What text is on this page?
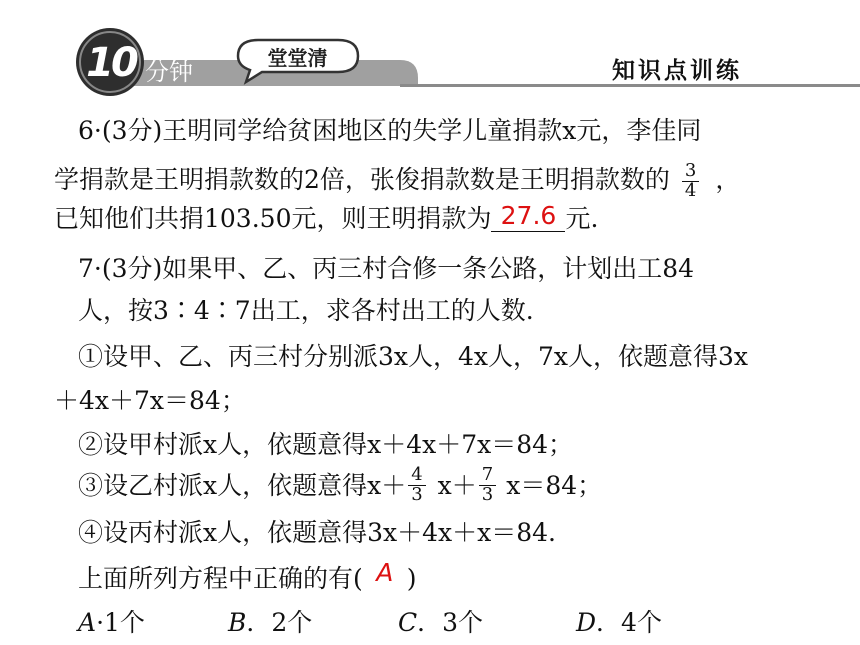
10 分钟
堂堂清
知识点训练
6·(3分)王明同学给贫困地区的失学儿童捐款x元，李佳同
学捐款是王明捐款数的2倍，张俊捐款数是王明捐款数的 $\frac{3}{4}$ ，
已知他们共捐103.50元，则王明捐款为 27.6 元.
7·(3分)如果甲、乙、丙三村合修一条公路，计划出工84
人，按3∶4∶7出工，求各村出工的人数.
①设甲、乙、丙三村分别派3x人，4x人，7x人，依题意得3x
＋4x＋7x＝84；
②设甲村派x人，依题意得x＋4x＋7x＝84；
③设乙村派x人，依题意得$x+ \frac{4}{3} x+ \frac{7}{3} x=84$；
④设丙村派x人，依题意得3x＋4x＋x＝84.
上面所列方程中正确的有( A )
A·1个	B．2个	C．3个	D．4个
